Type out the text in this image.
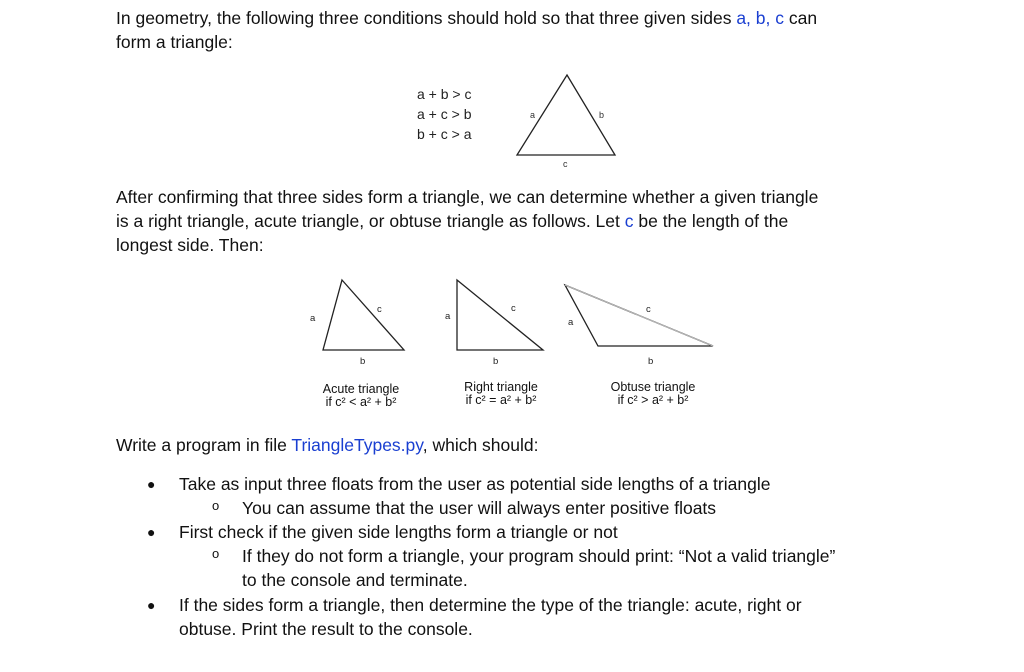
In geometry, the following three conditions should hold so that three given sides a, b, c can
form a triangle:

a + b > c
a + c > b
b + c > a
a	b
c

After confirming that three sides form a triangle, we can determine whether a given triangle
is a right triangle, acute triangle, or obtuse triangle as follows. Let c be the length of the
longest side. Then:

a
c
b
Acute triangle
if c² < a² + b²
a
c
b
Right triangle
if c² = a² + b²
a
c
b
Obtuse triangle
if c² > a² + b²

Write a program in file TriangleTypes.py, which should:

● Take as input three floats from the user as potential side lengths of a triangle
o You can assume that the user will always enter positive floats
● First check if the given side lengths form a triangle or not
o If they do not form a triangle, your program should print: “Not a valid triangle”
to the console and terminate.
● If the sides form a triangle, then determine the type of the triangle: acute, right or
obtuse. Print the result to the console.
